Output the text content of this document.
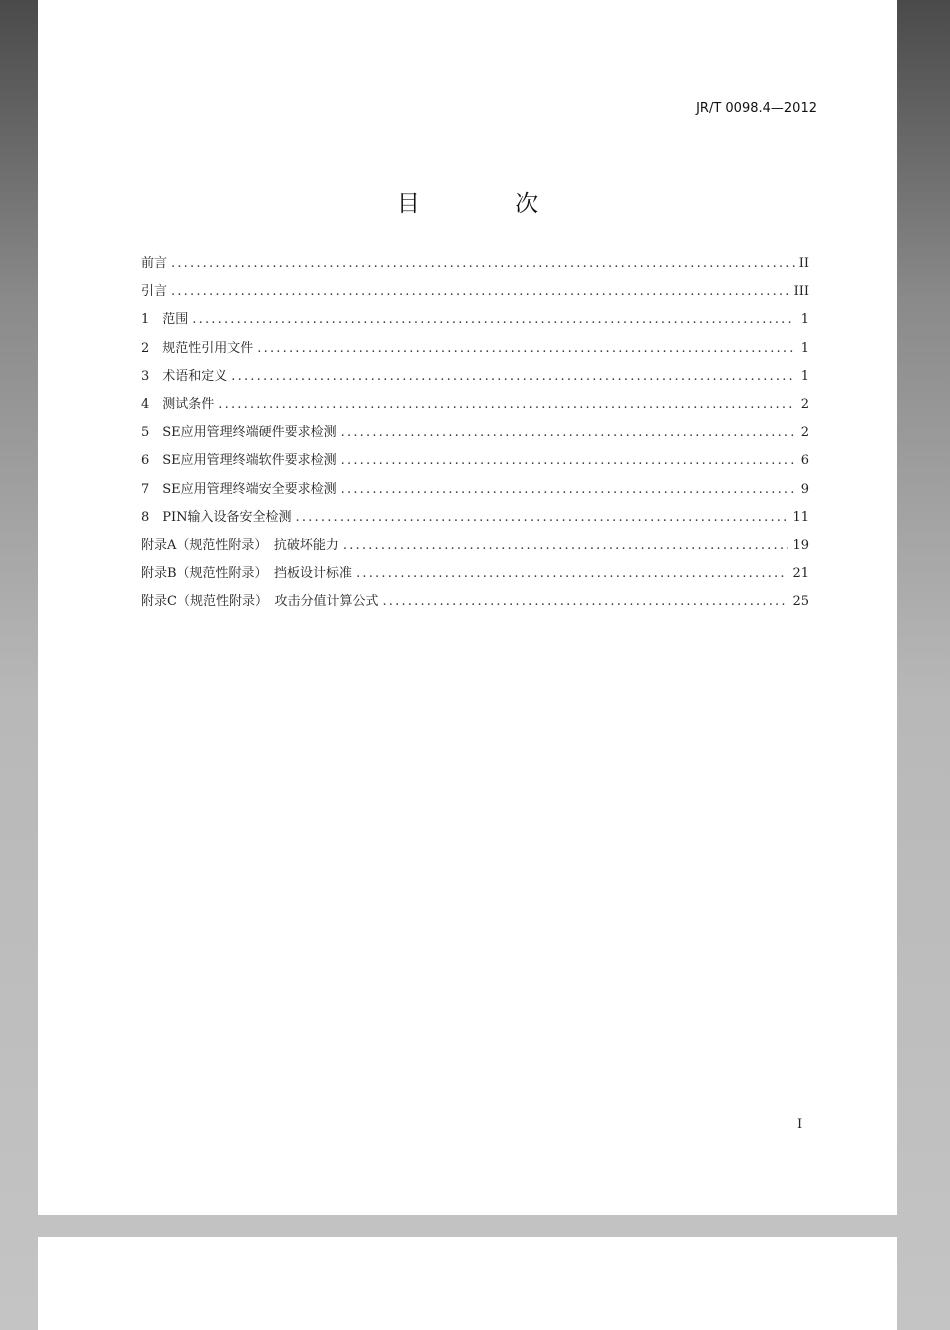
JR/T 0098.4—2012
目 次
前言 .....	II
引言 .....	III
1　范围 .....	1
2　规范性引用文件 .....	1
3　术语和定义 .....	1
4　测试条件 .....	2
5　SE应用管理终端硬件要求检测 .....	2
6　SE应用管理终端软件要求检测 .....	6
7　SE应用管理终端安全要求检测 .....	9
8　PIN输入设备安全检测 .....	11
附录A（规范性附录）　抗破坏能力 .....	19
附录B（规范性附录）　挡板设计标准 .....	21
附录C（规范性附录）　攻击分值计算公式 .....	25
I
